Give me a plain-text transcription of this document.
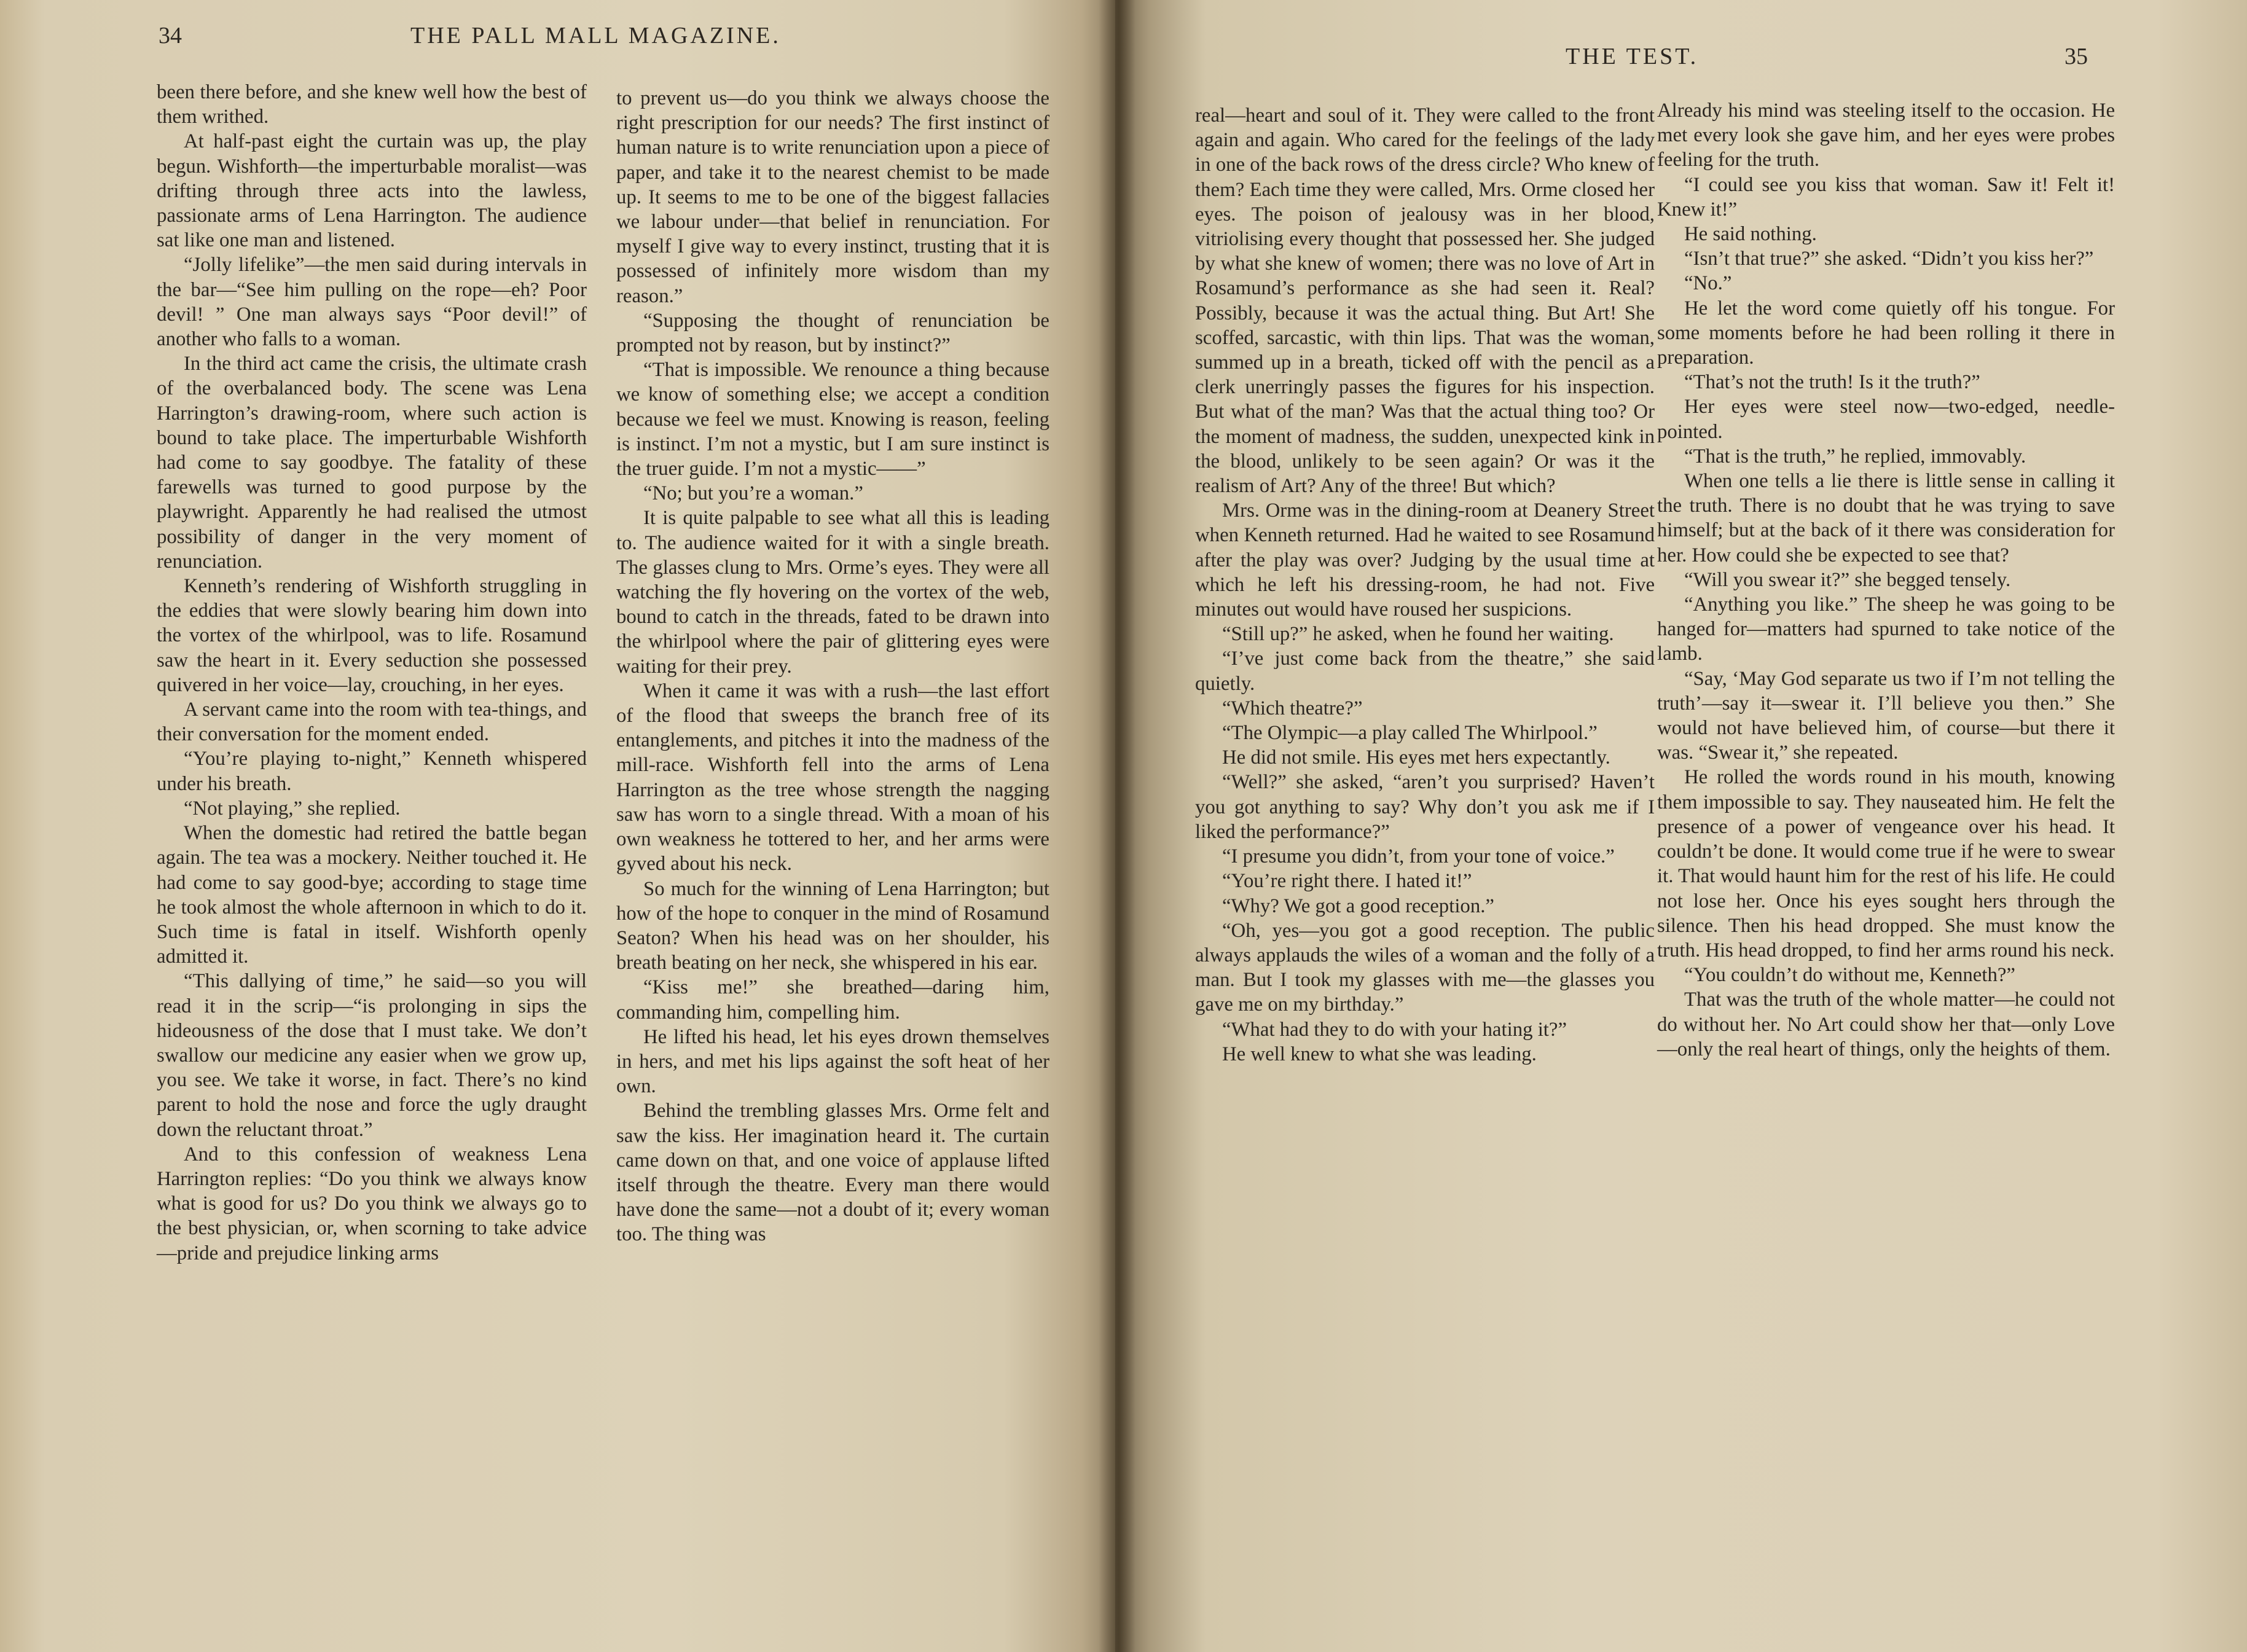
34	THE PALL MALL MAGAZINE.

been there before, and she knew well how the best of them writhed.

At half-past eight the curtain was up, the play begun. Wishforth—the imperturbable moralist—was drifting through three acts into the lawless, passionate arms of Lena Harrington. The audience sat like one man and listened.

“Jolly lifelike”—the men said during intervals in the bar—“See him pulling on the rope—eh? Poor devil! ” One man always says “Poor devil!” of another who falls to a woman.

In the third act came the crisis, the ultimate crash of the overbalanced body. The scene was Lena Harrington’s drawing-room, where such action is bound to take place. The imperturbable Wishforth had come to say goodbye. The fatality of these farewells was turned to good purpose by the playwright. Apparently he had realised the utmost possibility of danger in the very moment of renunciation.

Kenneth’s rendering of Wishforth struggling in the eddies that were slowly bearing him down into the vortex of the whirlpool, was to life. Rosamund saw the heart in it. Every seduction she possessed quivered in her voice—lay, crouching, in her eyes.

A servant came into the room with tea-things, and their conversation for the moment ended.

“You’re playing to-night,” Kenneth whispered under his breath.

“Not playing,” she replied.

When the domestic had retired the battle began again. The tea was a mockery. Neither touched it. He had come to say good-bye; according to stage time he took almost the whole afternoon in which to do it. Such time is fatal in itself. Wishforth openly admitted it.

“This dallying of time,” he said—so you will read it in the scrip—“is prolonging in sips the hideousness of the dose that I must take. We don’t swallow our medicine any easier when we grow up, you see. We take it worse, in fact. There’s no kind parent to hold the nose and force the ugly draught down the reluctant throat.”

And to this confession of weakness Lena Harrington replies: “Do you think we always know what is good for us? Do you think we always go to the best physician, or, when scorning to take advice—pride and prejudice linking arms

to prevent us—do you think we always choose the right prescription for our needs? The first instinct of human nature is to write renunciation upon a piece of paper, and take it to the nearest chemist to be made up. It seems to me to be one of the biggest fallacies we labour under—that belief in renunciation. For myself I give way to every instinct, trusting that it is possessed of infinitely more wisdom than my reason.”

“Supposing the thought of renunciation be prompted not by reason, but by instinct?”

“That is impossible. We renounce a thing because we know of something else; we accept a condition because we feel we must. Knowing is reason, feeling is instinct. I’m not a mystic, but I am sure instinct is the truer guide. I’m not a mystic——”

“No; but you’re a woman.”

It is quite palpable to see what all this is leading to. The audience waited for it with a single breath. The glasses clung to Mrs. Orme’s eyes. They were all watching the fly hovering on the vortex of the web, bound to catch in the threads, fated to be drawn into the whirlpool where the pair of glittering eyes were waiting for their prey.

When it came it was with a rush—the last effort of the flood that sweeps the branch free of its entanglements, and pitches it into the madness of the mill-race. Wishforth fell into the arms of Lena Harrington as the tree whose strength the nagging saw has worn to a single thread. With a moan of his own weakness he tottered to her, and her arms were gyved about his neck.

So much for the winning of Lena Harrington; but how of the hope to conquer in the mind of Rosamund Seaton? When his head was on her shoulder, his breath beating on her neck, she whispered in his ear.

“Kiss me!” she breathed—daring him, commanding him, compelling him.

He lifted his head, let his eyes drown themselves in hers, and met his lips against the soft heat of her own.

Behind the trembling glasses Mrs. Orme felt and saw the kiss. Her imagination heard it. The curtain came down on that, and one voice of applause lifted itself through the theatre. Every man there would have done the same—not a doubt of it; every woman too. The thing was

THE TEST.	35

real—heart and soul of it. They were called to the front again and again. Who cared for the feelings of the lady in one of the back rows of the dress circle? Who knew of them? Each time they were called, Mrs. Orme closed her eyes. The poison of jealousy was in her blood, vitriolising every thought that possessed her. She judged by what she knew of women; there was no love of Art in Rosamund’s performance as she had seen it. Real? Possibly, because it was the actual thing. But Art! She scoffed, sarcastic, with thin lips. That was the woman, summed up in a breath, ticked off with the pencil as a clerk unerringly passes the figures for his inspection. But what of the man? Was that the actual thing too? Or the moment of madness, the sudden, unexpected kink in the blood, unlikely to be seen again? Or was it the realism of Art? Any of the three! But which?

Mrs. Orme was in the dining-room at Deanery Street when Kenneth returned. Had he waited to see Rosamund after the play was over? Judging by the usual time at which he left his dressing-room, he had not. Five minutes out would have roused her suspicions.

“Still up?” he asked, when he found her waiting.

“I’ve just come back from the theatre,” she said quietly.

“Which theatre?”

“The Olympic—a play called The Whirlpool.”

He did not smile. His eyes met hers expectantly.

“Well?” she asked, “aren’t you surprised? Haven’t you got anything to say? Why don’t you ask me if I liked the performance?”

“I presume you didn’t, from your tone of voice.”

“You’re right there. I hated it!”

“Why? We got a good reception.”

“Oh, yes—you got a good reception. The public always applauds the wiles of a woman and the folly of a man. But I took my glasses with me—the glasses you gave me on my birthday.”

“What had they to do with your hating it?”

He well knew to what she was leading.

Already his mind was steeling itself to the occasion. He met every look she gave him, and her eyes were probes feeling for the truth.

“I could see you kiss that woman. Saw it! Felt it! Knew it!”

He said nothing.

“Isn’t that true?” she asked. “Didn’t you kiss her?”

“No.”

He let the word come quietly off his tongue. For some moments before he had been rolling it there in preparation.

“That’s not the truth! Is it the truth?”

Her eyes were steel now—two-edged, needle-pointed.

“That is the truth,” he replied, immovably.

When one tells a lie there is little sense in calling it the truth. There is no doubt that he was trying to save himself; but at the back of it there was consideration for her. How could she be expected to see that?

“Will you swear it?” she begged tensely.

“Anything you like.” The sheep he was going to be hanged for—matters had spurned to take notice of the lamb.

“Say, ‘May God separate us two if I’m not telling the truth’—say it—swear it. I’ll believe you then.” She would not have believed him, of course—but there it was. “Swear it,” she repeated.

He rolled the words round in his mouth, knowing them impossible to say. They nauseated him. He felt the presence of a power of vengeance over his head. It couldn’t be done. It would come true if he were to swear it. That would haunt him for the rest of his life. He could not lose her. Once his eyes sought hers through the silence. Then his head dropped. She must know the truth. His head dropped, to find her arms round his neck.

“You couldn’t do without me, Kenneth?”

That was the truth of the whole matter—he could not do without her. No Art could show her that—only Love—only the real heart of things, only the heights of them.
